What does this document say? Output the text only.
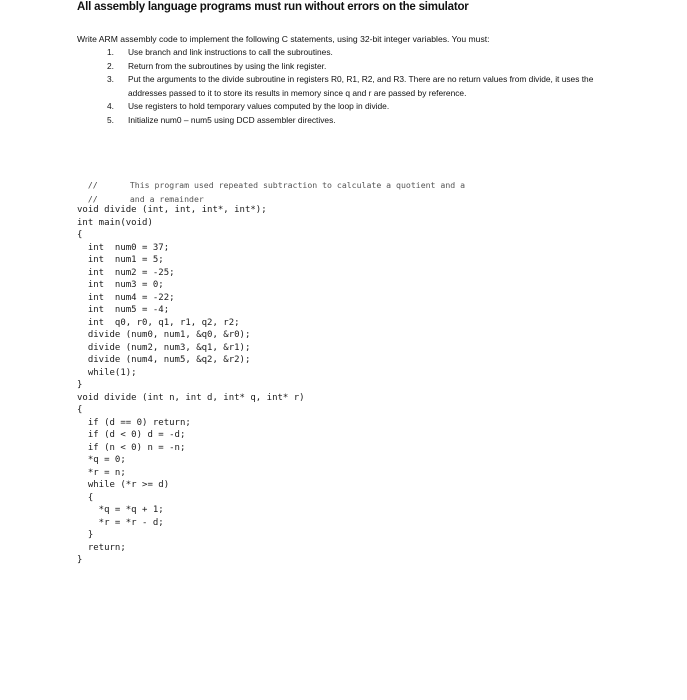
All assembly language programs must run without errors on the simulator
Write ARM assembly code to implement the following C statements, using 32-bit integer variables. You must:
1. Use branch and link instructions to call the subroutines.
2. Return from the subroutines by using the link register.
3. Put the arguments to the divide subroutine in registers R0, R1, R2, and R3. There are no return values from divide, it uses the addresses passed to it to store its results in memory since q and r are passed by reference.
4. Use registers to hold temporary values computed by the loop in divide.
5. Initialize num0 – num5 using DCD assembler directives.

//	This program used repeated subtraction to calculate a quotient and a

//	and a remainder

void divide (int, int, int*, int*);
int main(void)
{
int  num0 = 37;
int  num1 = 5;
int  num2 = -25;
int  num3 = 0;
int  num4 = -22;
int  num5 = -4;
int  q0, r0, q1, r1, q2, r2;
divide (num0, num1, &q0, &r0);
divide (num2, num3, &q1, &r1);
divide (num4, num5, &q2, &r2);
while(1);
}
void divide (int n, int d, int* q, int* r)
{
if (d == 0) return;
if (d < 0) d = -d;
if (n < 0) n = -n;
*q = 0;
*r = n;
while (*r >= d)
{
*q = *q + 1;
*r = *r - d;
}
return;
}
